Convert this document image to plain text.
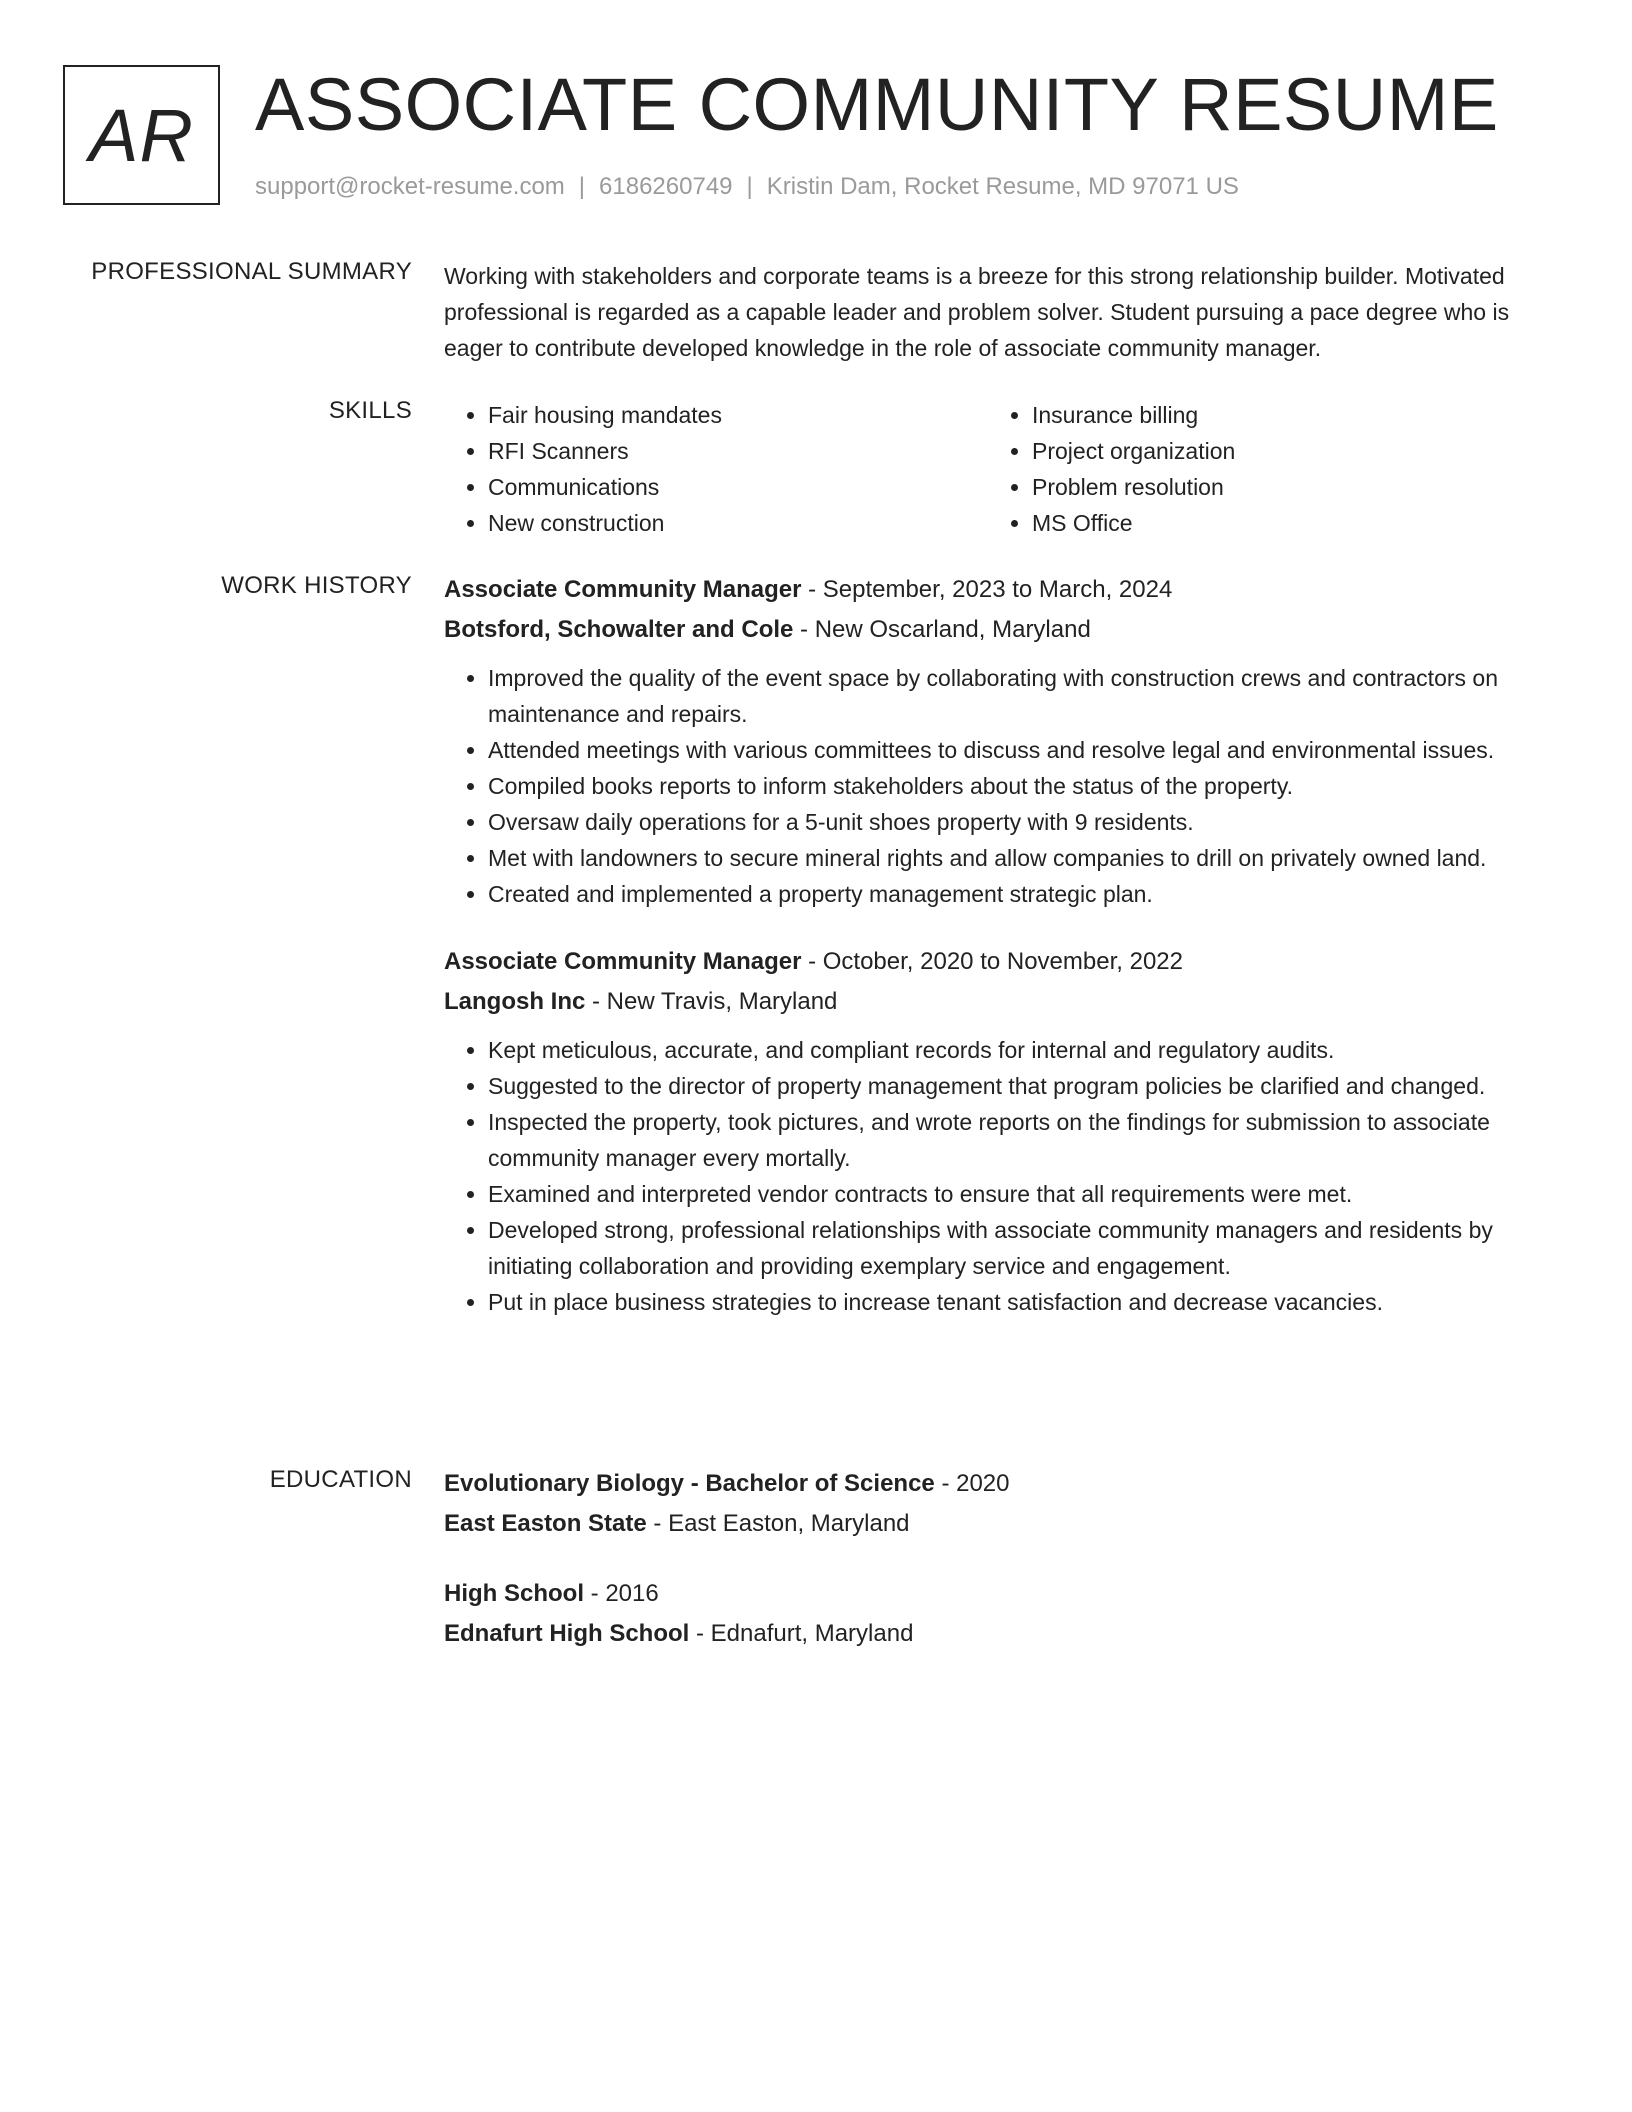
AR ASSOCIATE COMMUNITY RESUME
support@rocket-resume.com | 6186260749 | Kristin Dam, Rocket Resume, MD 97071 US
PROFESSIONAL SUMMARY Working with stakeholders and corporate teams is a breeze for this strong relationship builder. Motivated professional is regarded as a capable leader and problem solver. Student pursuing a pace degree who is eager to contribute developed knowledge in the role of associate community manager.

SKILLS
•	Fair housing mandates
• RFI Scanners
• Communications
• New construction
• Insurance billing
• Project organization
• Problem resolution
• MS Office
WORK HISTORY Associate Community Manager - September, 2023 to March, 2024
Botsford, Schowalter and Cole - New Oscarland, Maryland
• Improved the quality of the event space by collaborating with construction crews and contractors on maintenance and repairs.
• Attended meetings with various committees to discuss and resolve legal and environmental issues.
• Compiled books reports to inform stakeholders about the status of the property.
• Oversaw daily operations for a 5-unit shoes property with 9 residents.
• Met with landowners to secure mineral rights and allow companies to drill on privately owned land.
• Created and implemented a property management strategic plan.
Associate Community Manager - October, 2020 to November, 2022
Langosh Inc - New Travis, Maryland
• Kept meticulous, accurate, and compliant records for internal and regulatory audits.
• Suggested to the director of property management that program policies be clarified and changed.
• Inspected the property, took pictures, and wrote reports on the findings for submission to associate community manager every mortally.
• Examined and interpreted vendor contracts to ensure that all requirements were met.
• Developed strong, professional relationships with associate community managers and residents by initiating collaboration and providing exemplary service and engagement.
• Put in place business strategies to increase tenant satisfaction and decrease vacancies.
EDUCATION Evolutionary Biology - Bachelor of Science - 2020
East Easton State - East Easton, Maryland
High School - 2016
Ednafurt High School - Ednafurt, Maryland
